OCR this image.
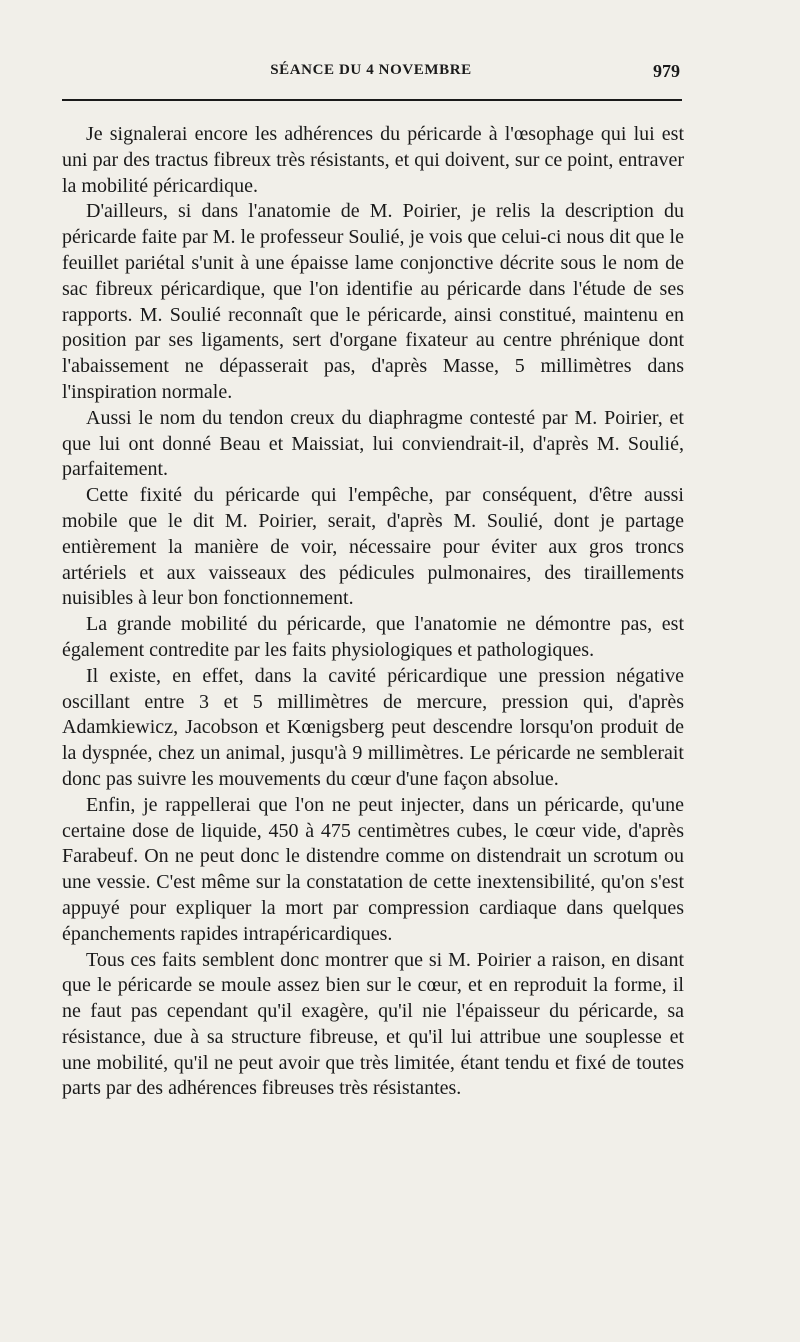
SÉANCE DU 4 NOVEMBRE	979

Je signalerai encore les adhérences du péricarde à l'œsophage qui lui est uni par des tractus fibreux très résistants, et qui doivent, sur ce point, entraver la mobilité péricardique.

D'ailleurs, si dans l'anatomie de M. Poirier, je relis la description du péricarde faite par M. le professeur Soulié, je vois que celui-ci nous dit que le feuillet pariétal s'unit à une épaisse lame conjonctive décrite sous le nom de sac fibreux péricardique, que l'on identifie au péricarde dans l'étude de ses rapports. M. Soulié reconnaît que le péricarde, ainsi constitué, maintenu en position par ses ligaments, sert d'organe fixateur au centre phrénique dont l'abaissement ne dépasserait pas, d'après Masse, 5 millimètres dans l'inspiration normale.

Aussi le nom du tendon creux du diaphragme contesté par M. Poirier, et que lui ont donné Beau et Maissiat, lui conviendrait-il, d'après M. Soulié, parfaitement.

Cette fixité du péricarde qui l'empêche, par conséquent, d'être aussi mobile que le dit M. Poirier, serait, d'après M. Soulié, dont je partage entièrement la manière de voir, nécessaire pour éviter aux gros troncs artériels et aux vaisseaux des pédicules pulmonaires, des tiraillements nuisibles à leur bon fonctionnement.

La grande mobilité du péricarde, que l'anatomie ne démontre pas, est également contredite par les faits physiologiques et pathologiques.

Il existe, en effet, dans la cavité péricardique une pression négative oscillant entre 3 et 5 millimètres de mercure, pression qui, d'après Adamkiewicz, Jacobson et Kœnigsberg peut descendre lorsqu'on produit de la dyspnée, chez un animal, jusqu'à 9 millimètres. Le péricarde ne semblerait donc pas suivre les mouvements du cœur d'une façon absolue.

Enfin, je rappellerai que l'on ne peut injecter, dans un péricarde, qu'une certaine dose de liquide, 450 à 475 centimètres cubes, le cœur vide, d'après Farabeuf. On ne peut donc le distendre comme on distendrait un scrotum ou une vessie. C'est même sur la constatation de cette inextensibilité, qu'on s'est appuyé pour expliquer la mort par compression cardiaque dans quelques épanchements rapides intrapéricardiques.

Tous ces faits semblent donc montrer que si M. Poirier a raison, en disant que le péricarde se moule assez bien sur le cœur, et en reproduit la forme, il ne faut pas cependant qu'il exagère, qu'il nie l'épaisseur du péricarde, sa résistance, due à sa structure fibreuse, et qu'il lui attribue une souplesse et une mobilité, qu'il ne peut avoir que très limitée, étant tendu et fixé de toutes parts par des adhérences fibreuses très résistantes.
